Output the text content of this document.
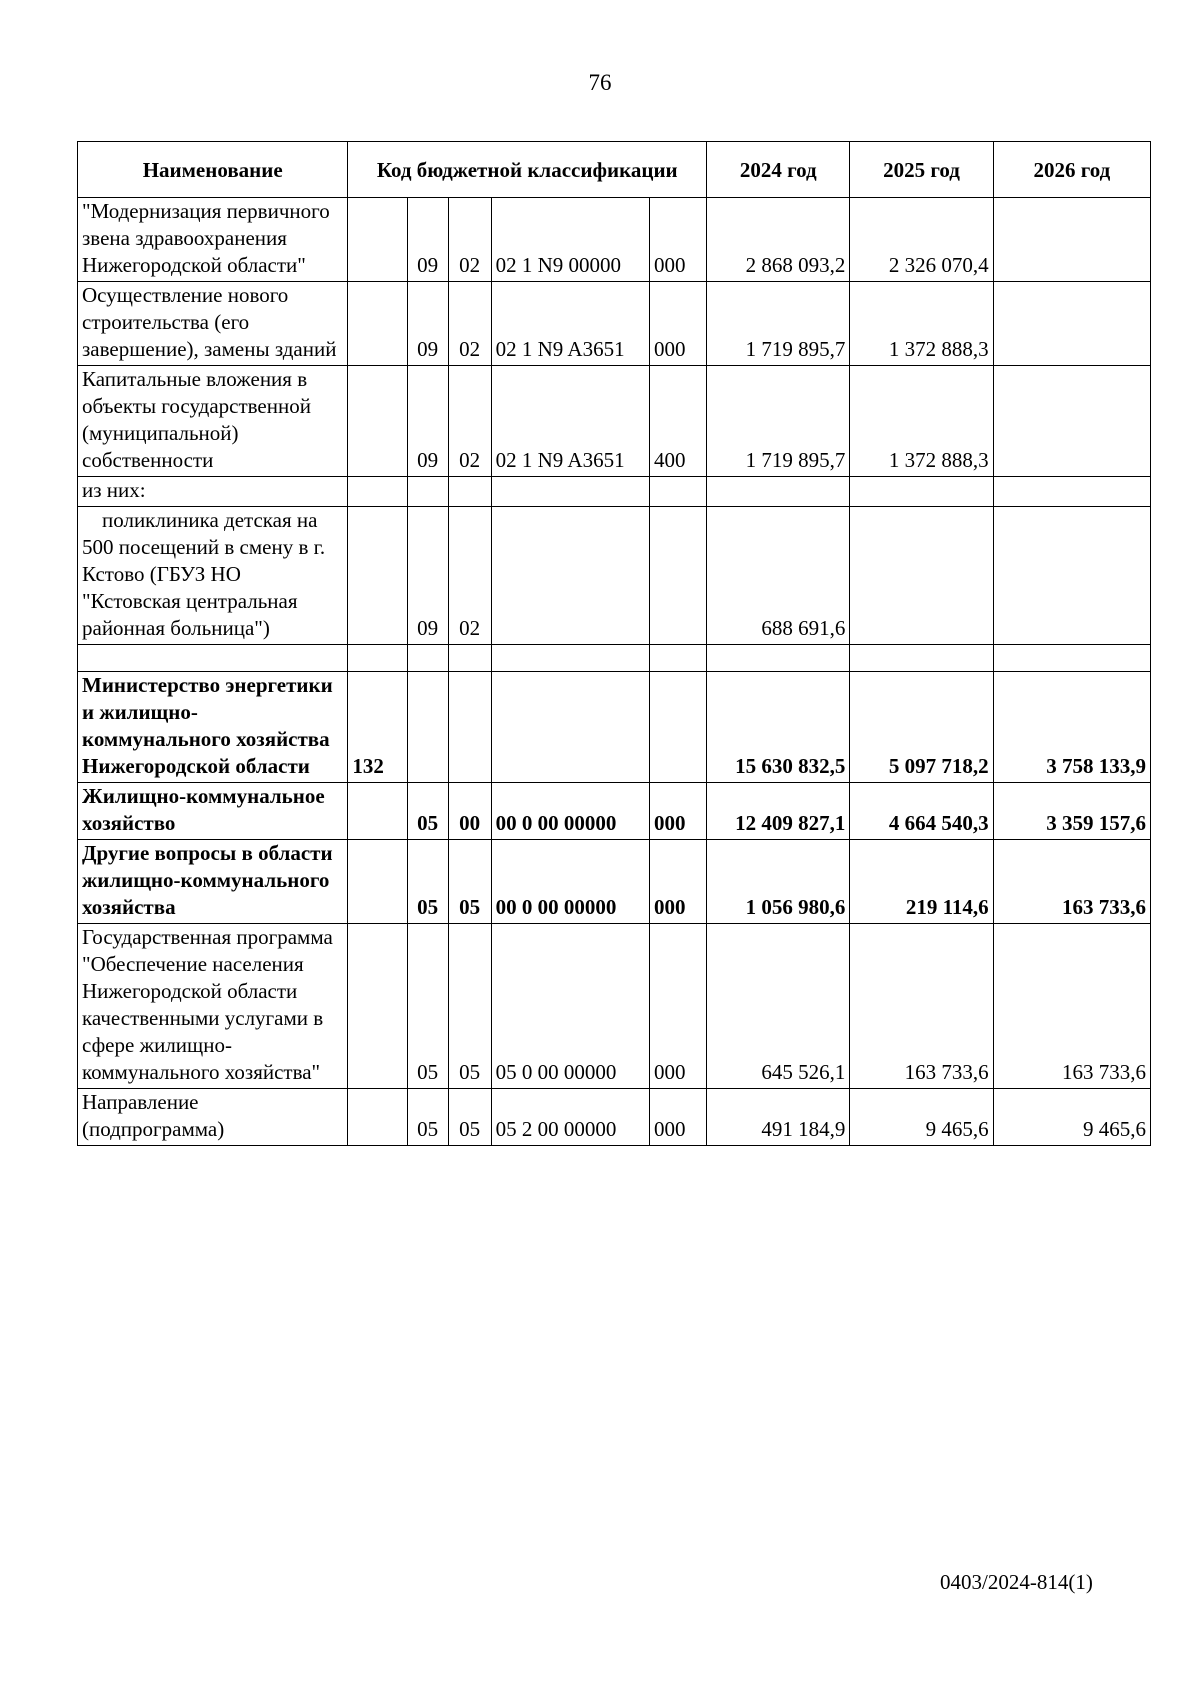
76
Наименование	Код бюджетной классификации					2024 год	2025 год	2026 год
"Модернизация первичного звена здравоохранения Нижегородской области"		09	02	02 1 N9 00000	000	2 868 093,2	2 326 070,4	
Осуществление нового строительства (его завершение), замены зданий		09	02	02 1 N9 A3651	000	1 719 895,7	1 372 888,3	
Капитальные вложения в объекты государственной (муниципальной) собственности		09	02	02 1 N9 A3651	400	1 719 895,7	1 372 888,3	
из них:								
поликлиника детская на 500 посещений в смену в г. Кстово (ГБУЗ НО "Кстовская центральная районная больница")		09	02			688 691,6		

Министерство энергетики и жилищно-коммунального хозяйства Нижегородской области	132					15 630 832,5	5 097 718,2	3 758 133,9
Жилищно-коммунальное хозяйство		05	00	00 0 00 00000	000	12 409 827,1	4 664 540,3	3 359 157,6
Другие вопросы в области жилищно-коммунального хозяйства		05	05	00 0 00 00000	000	1 056 980,6	219 114,6	163 733,6
Государственная программа "Обеспечение населения Нижегородской области качественными услугами в сфере жилищно-коммунального хозяйства"		05	05	05 0 00 00000	000	645 526,1	163 733,6	163 733,6
Направление (подпрограмма)		05	05	05 2 00 00000	000	491 184,9	9 465,6	9 465,6
0403/2024-814(1)
